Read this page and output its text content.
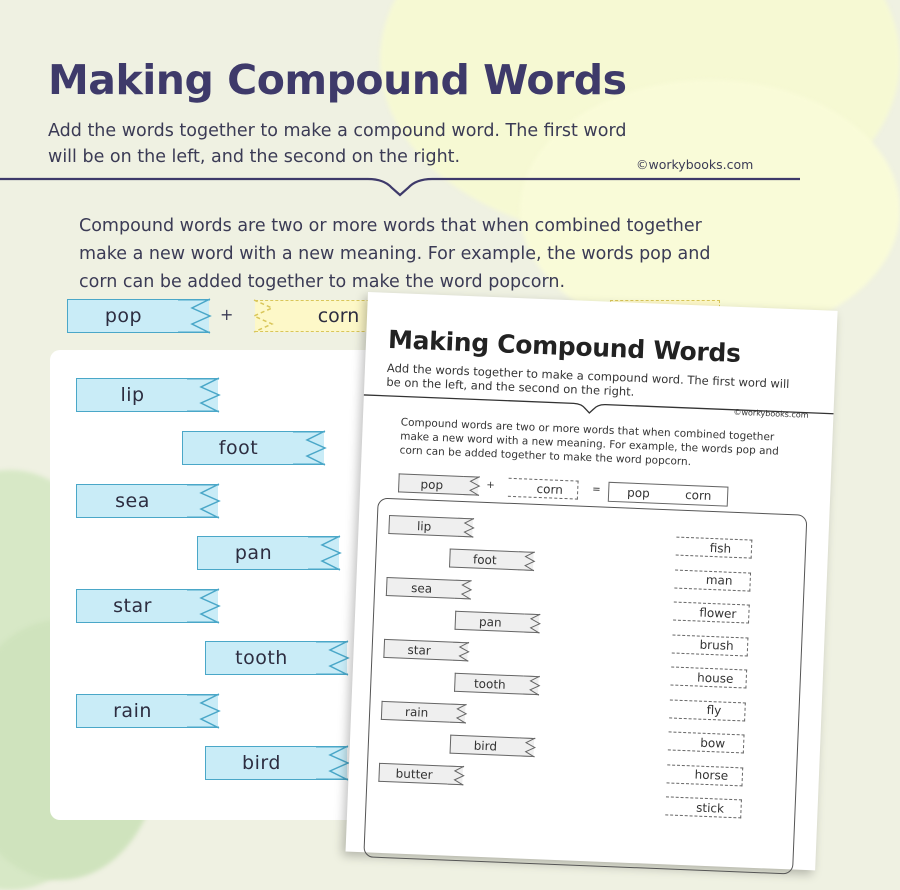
Making Compound Words
Add the words together to make a compound word. The first word will be on the left, and the second on the right.	©workybooks.com
Compound words are two or more words that when combined together make a new word with a new meaning. For example, the words pop and corn can be added together to make the word popcorn.
pop	+	corn
lip
foot
sea
pan
star
tooth
rain
bird
Making Compound Words
Add the words together to make a compound word. The first word will be on the left, and the second on the right.
©workybooks.com
Compound words are two or more words that when combined together make a new word with a new meaning. For example, the words pop and corn can be added together to make the word popcorn.
pop	+	corn	= pop	corn
lip
foot
sea
pan
star
tooth
rain
bird
butter
fish
man
flower
brush
house
fly
bow
horse
stick
